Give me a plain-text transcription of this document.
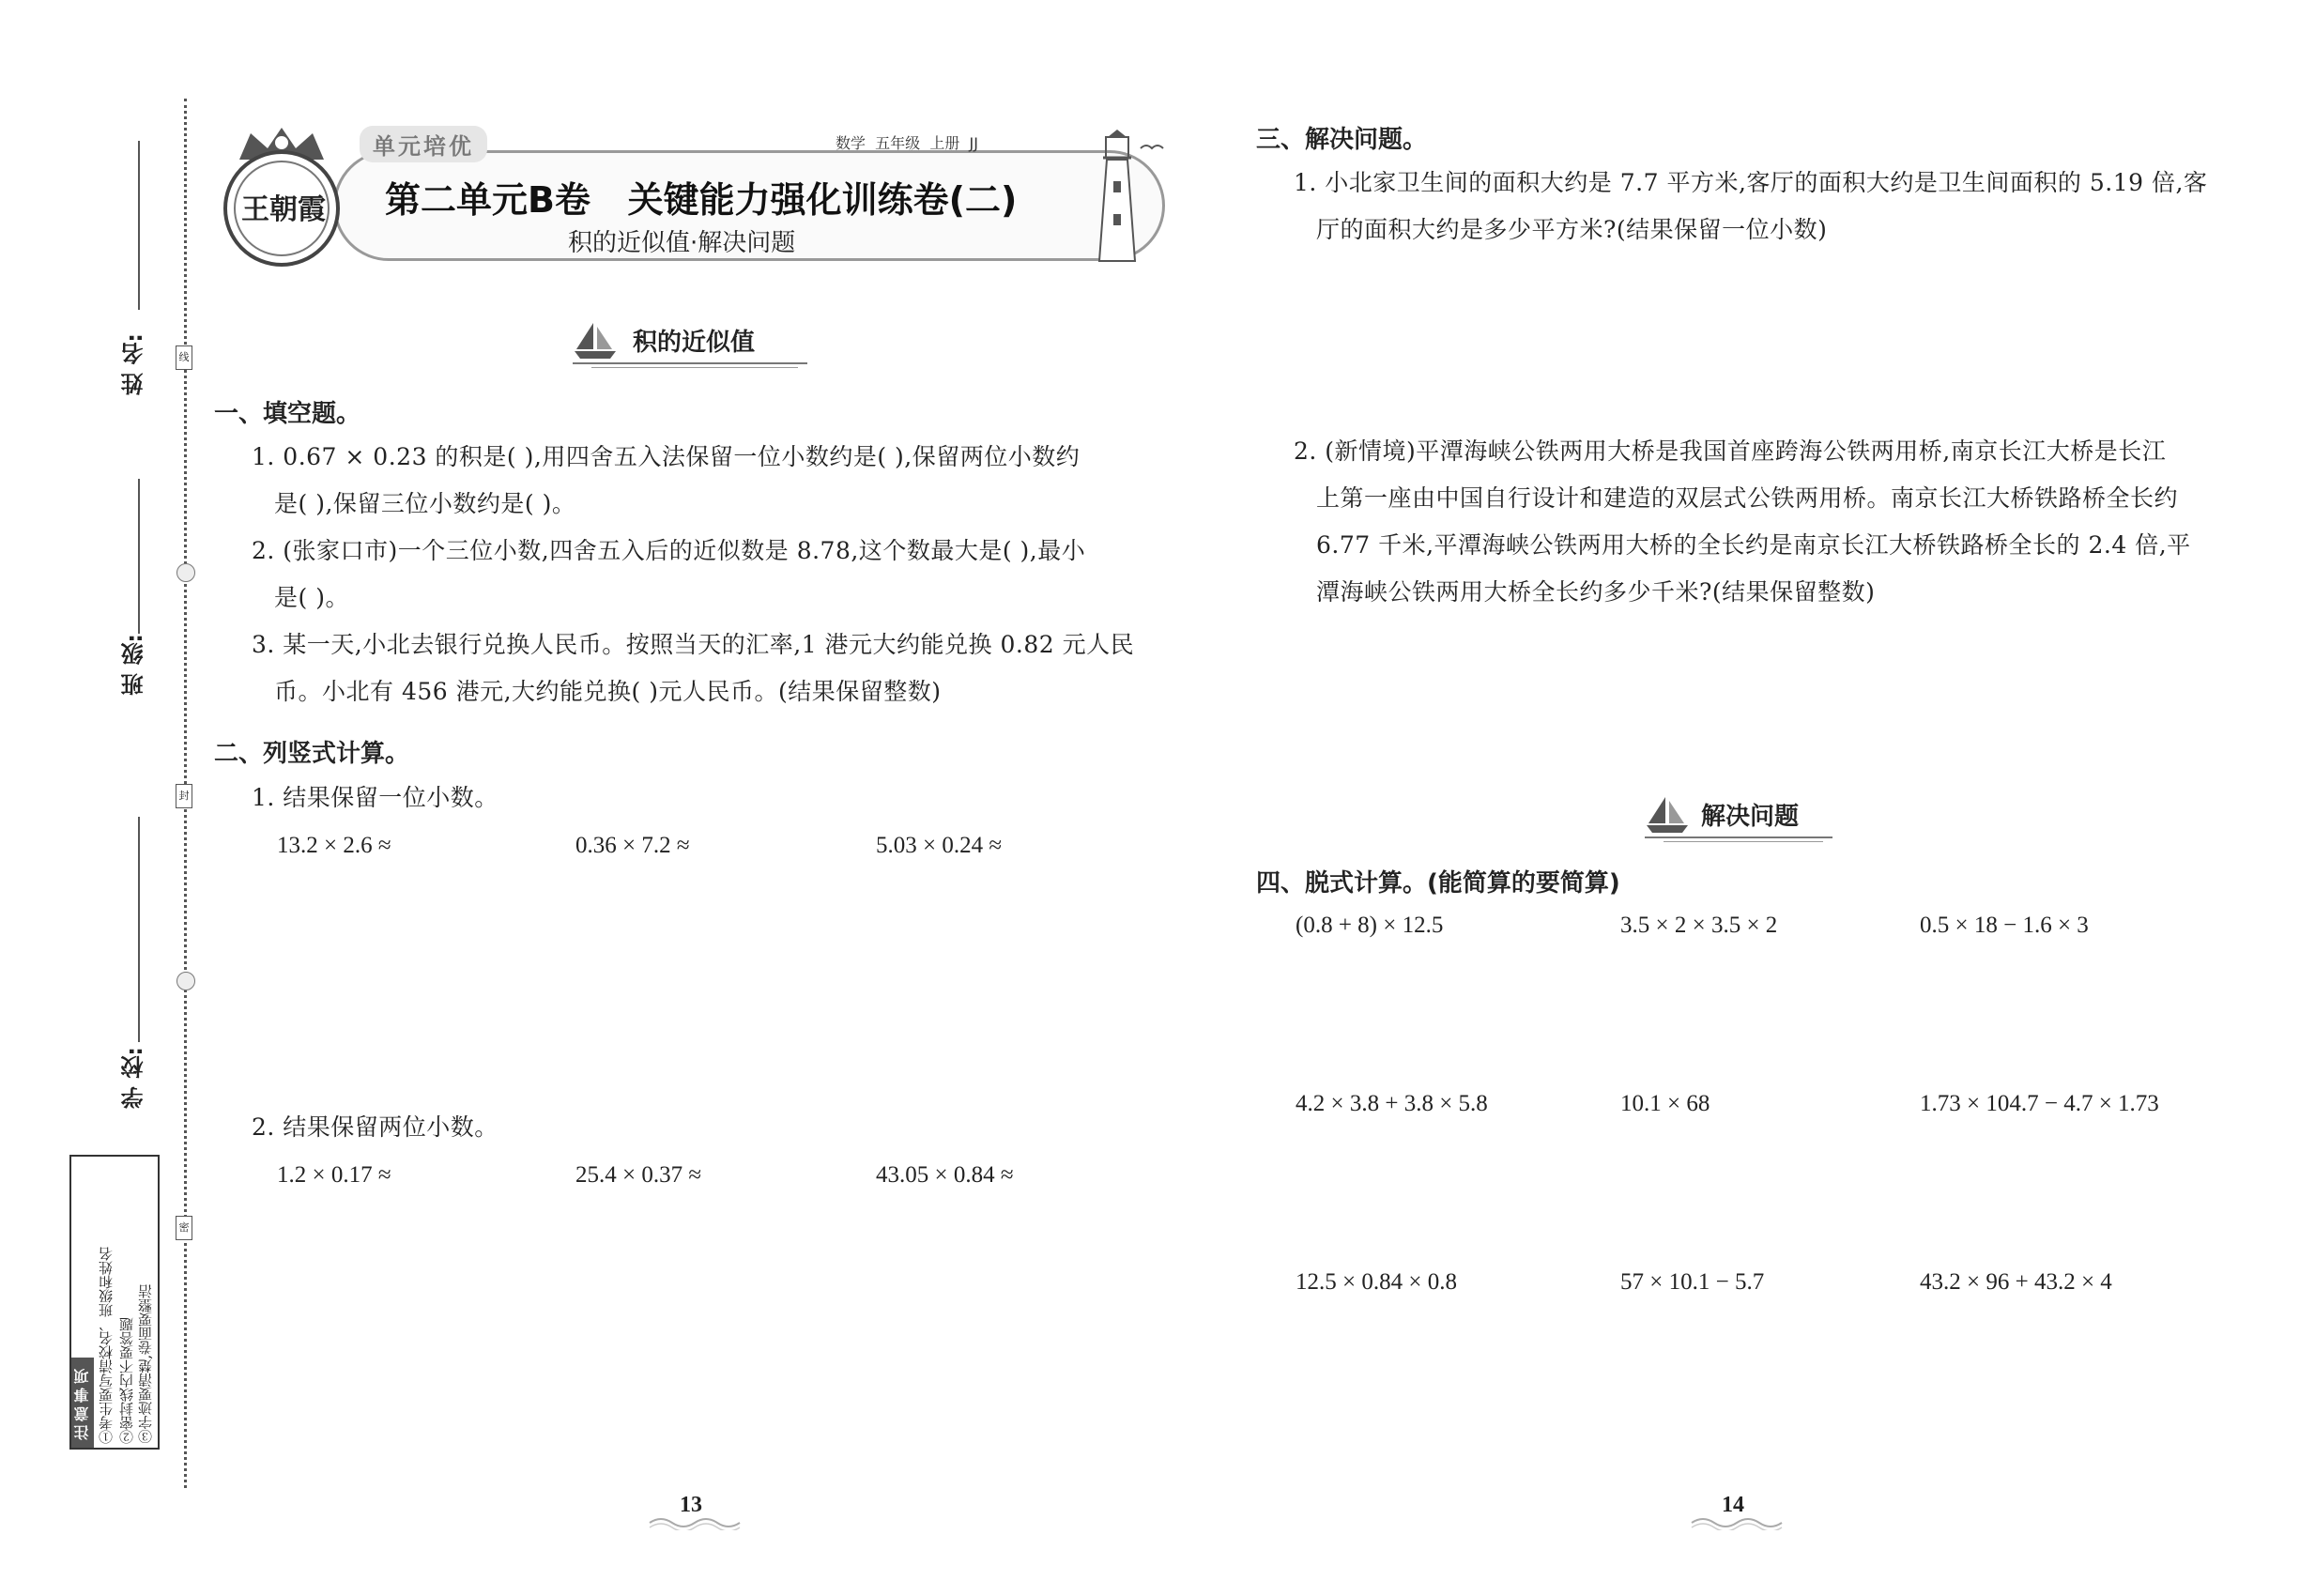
姓 名:
班 级:
学 校:
线
封
密
注意事项 ①考生要写清校名、班级和姓名 ②密封线内不要答题 ③字迹要清楚,卷面要整洁
单元培优	数学  五年级  上册  JJ
王朝霞 第二单元B卷   关键能力强化训练卷(二)
积的近似值·解决问题
积的近似值
一、填空题。
1. 0.67 × 0.23 的积是( ),用四舍五入法保留一位小数约是( ),保留两位小数约
是( ),保留三位小数约是( )。
2. (张家口市)一个三位小数,四舍五入后的近似数是 8.78,这个数最大是( ),最小
是( )。
3. 某一天,小北去银行兑换人民币。按照当天的汇率,1 港元大约能兑换 0.82 元人民
币。小北有 456 港元,大约能兑换( )元人民币。(结果保留整数)
二、列竖式计算。
1. 结果保留一位小数。
13.2 × 2.6 ≈	0.36 × 7.2 ≈	5.03 × 0.24 ≈
2. 结果保留两位小数。
1.2 × 0.17 ≈	25.4 × 0.37 ≈	43.05 × 0.84 ≈
13
三、解决问题。
1. 小北家卫生间的面积大约是 7.7 平方米,客厅的面积大约是卫生间面积的 5.19 倍,客
厅的面积大约是多少平方米?(结果保留一位小数)
2. (新情境)平潭海峡公铁两用大桥是我国首座跨海公铁两用桥,南京长江大桥是长江
上第一座由中国自行设计和建造的双层式公铁两用桥。南京长江大桥铁路桥全长约
6.77 千米,平潭海峡公铁两用大桥的全长约是南京长江大桥铁路桥全长的 2.4 倍,平
潭海峡公铁两用大桥全长约多少千米?(结果保留整数)
解决问题
四、脱式计算。(能简算的要简算)
(0.8 + 8) × 12.5	3.5 × 2 × 3.5 × 2	0.5 × 18 − 1.6 × 3
4.2 × 3.8 + 3.8 × 5.8	10.1 × 68	1.73 × 104.7 − 4.7 × 1.73
12.5 × 0.84 × 0.8	57 × 10.1 − 5.7	43.2 × 96 + 43.2 × 4
14
